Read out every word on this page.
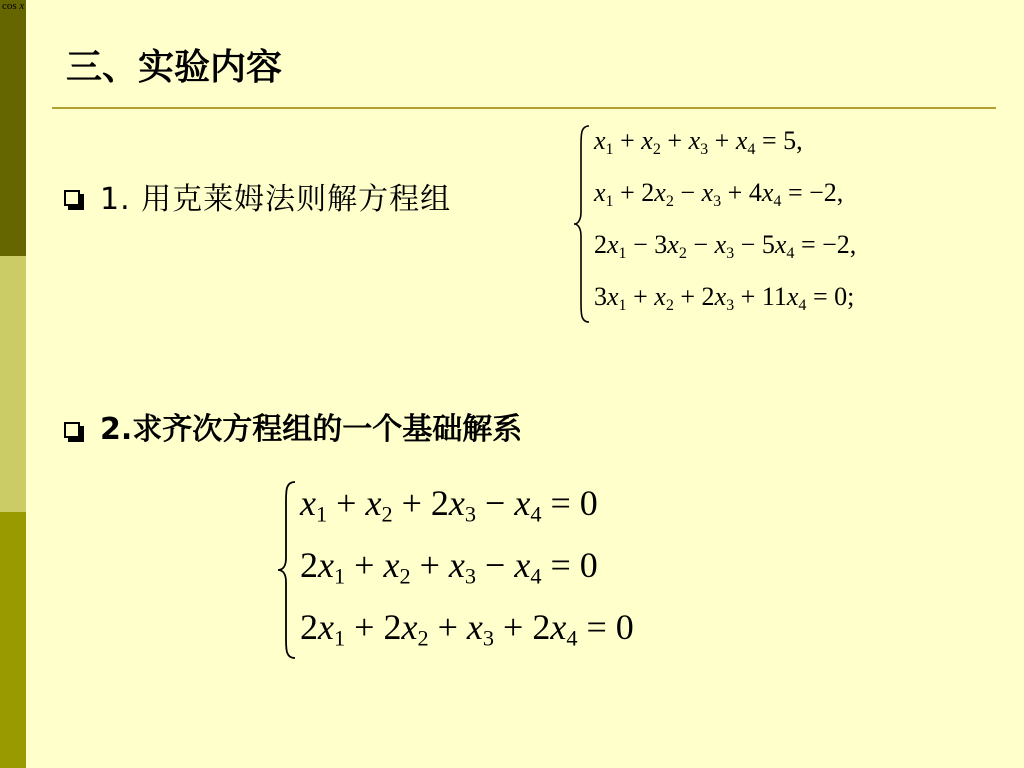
cos x
三、实验内容
1. 用克莱姆法则解方程组
$x_1 + x_2 + x_3 + x_4 = 5$,
$x_1 + 2x_2 - x_3 + 4x_4 = -2$,
$2x_1 - 3x_2 - x_3 - 5x_4 = -2$,
$3x_1 + x_2 + 2x_3 + 11x_4 = 0$;
2.求齐次方程组的一个基础解系
$x_1 + x_2 + 2x_3 - x_4 = 0$
$2x_1 + x_2 + x_3 - x_4 = 0$
$2x_1 + 2x_2 + x_3 + 2x_4 = 0$
